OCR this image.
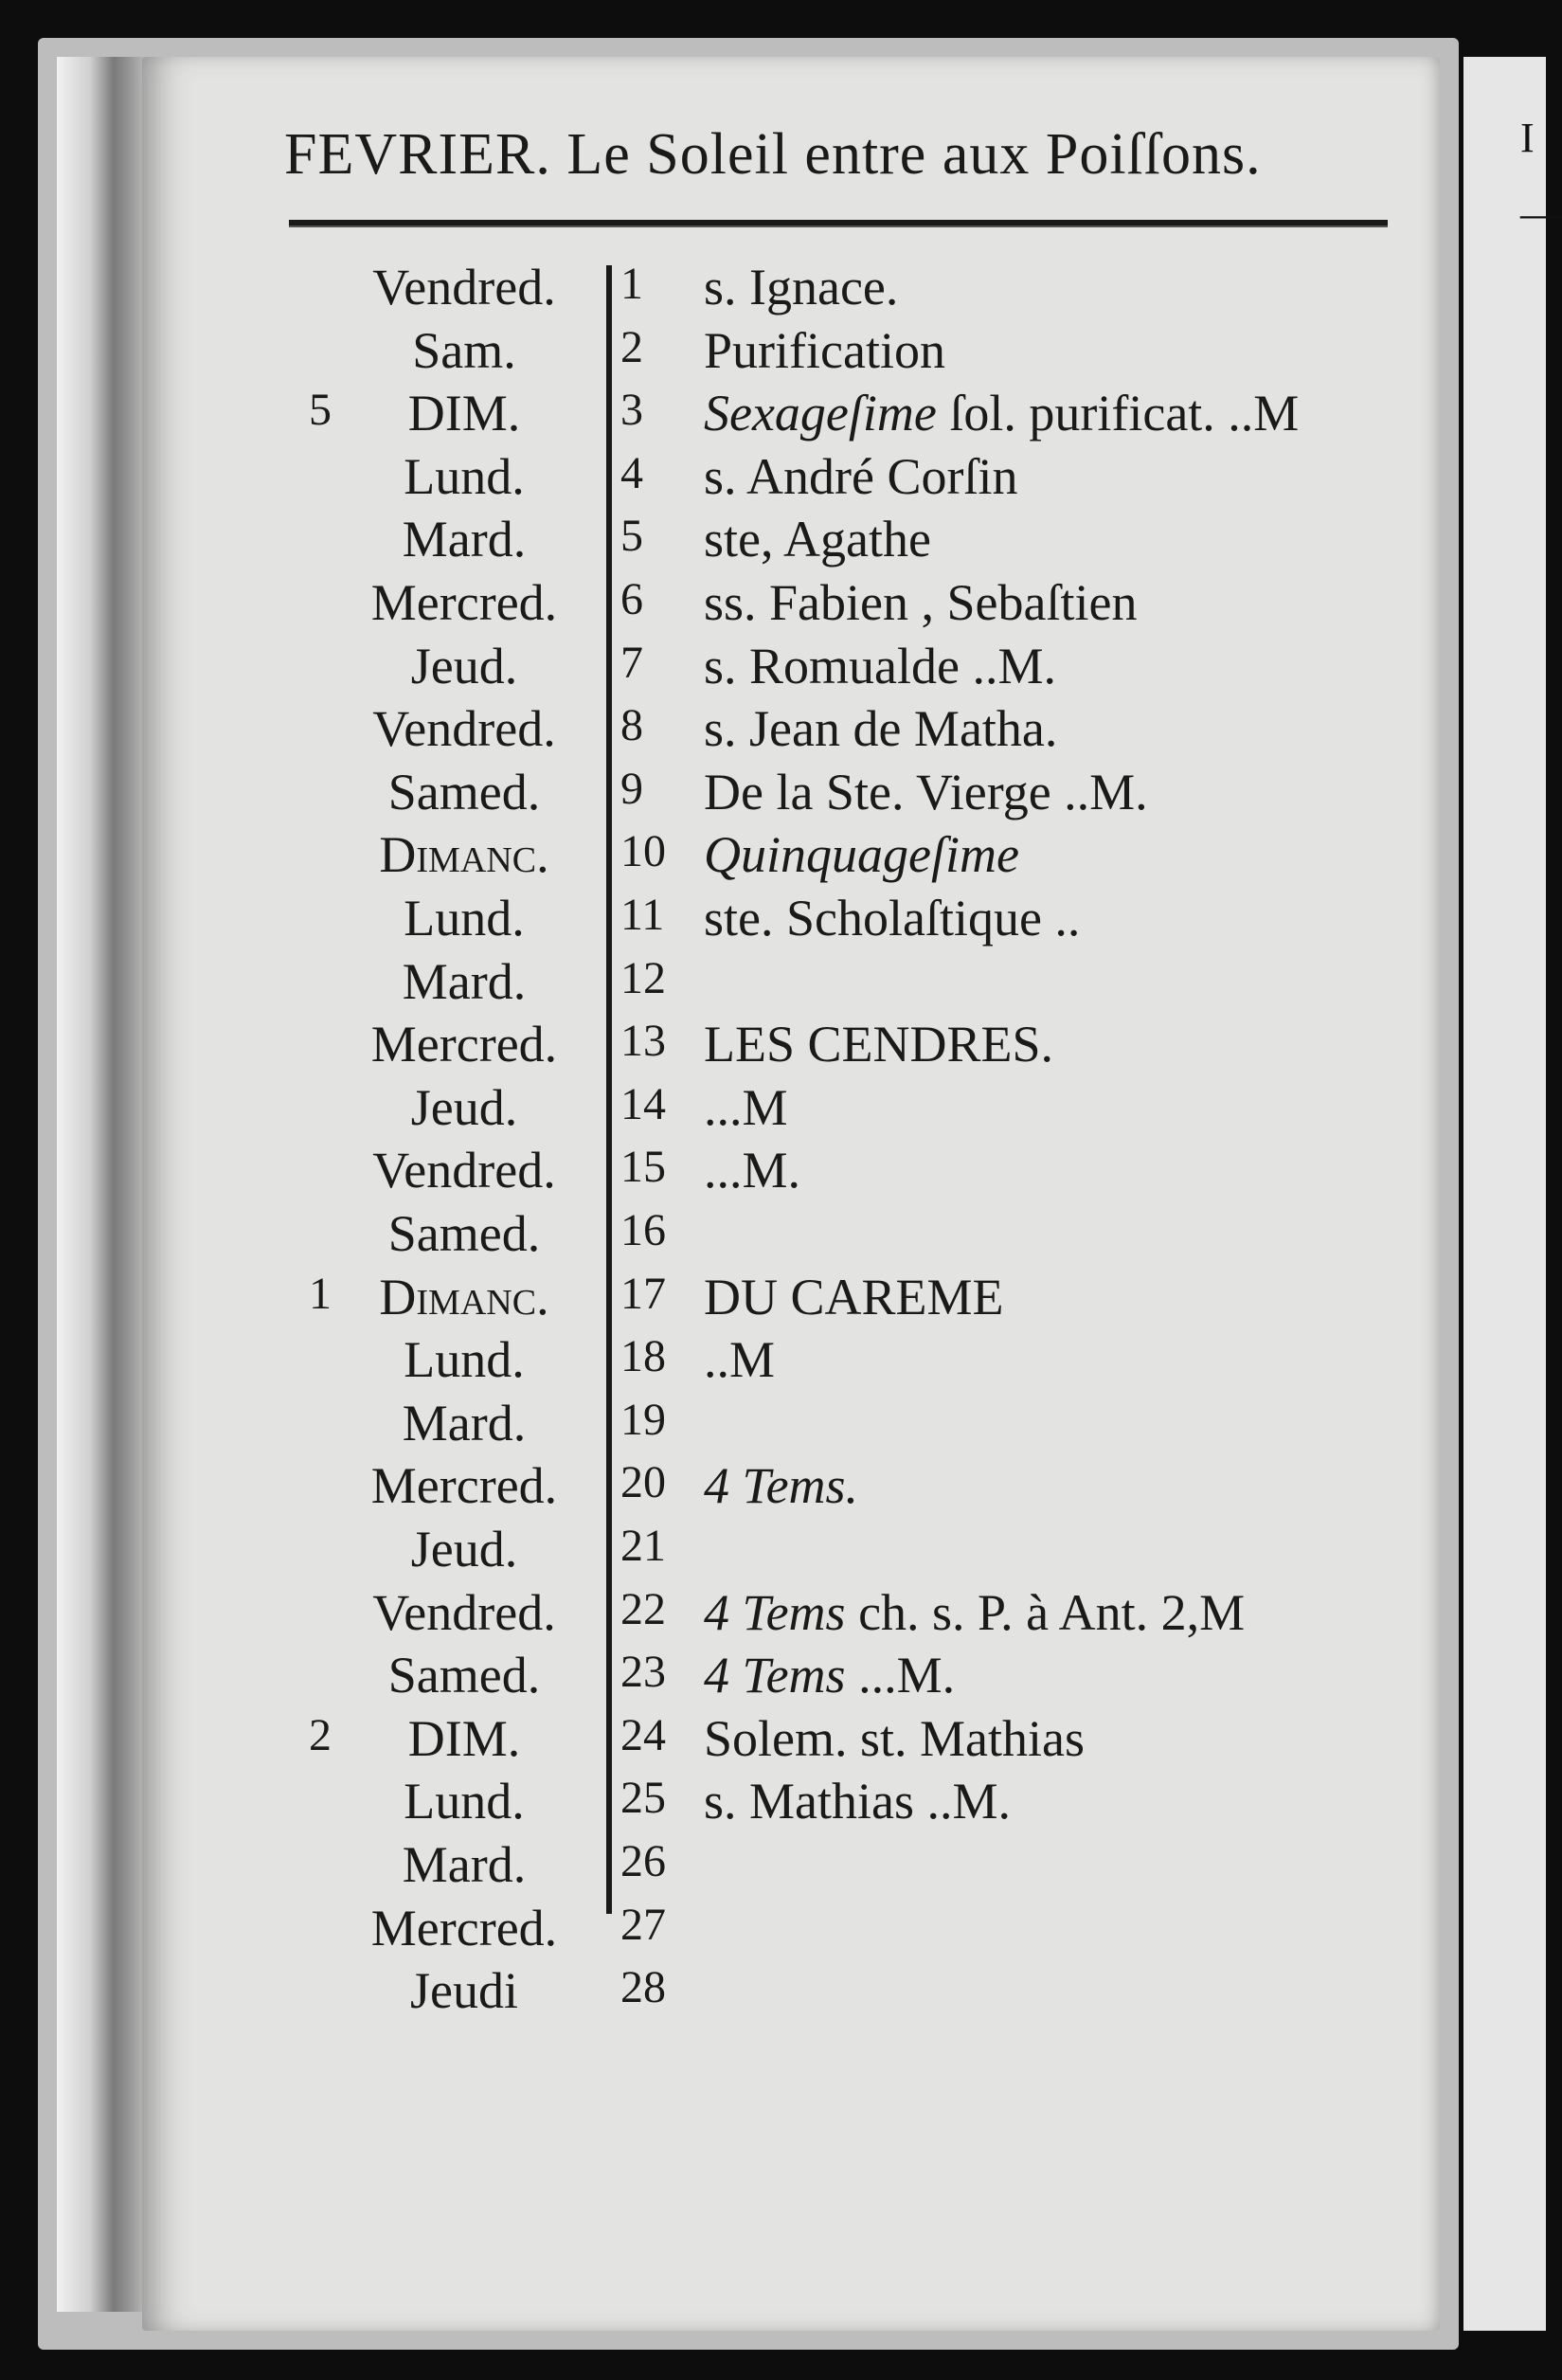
I
—
FEVRIER. Le Soleil entre aux Poiſſons.
Vendred.	1	s. Ignace.
Sam.	2	Purification
5	DIM.	3	Sexageſime ſol. purificat. ..M
Lund.	4	s. André Corſin
Mard.	5	ste, Agathe
Mercred.	6	ss. Fabien , Sebaſtien
Jeud.	7	s. Romualde ..M.
Vendred.	8	s. Jean de Matha.
Samed.	9	De la Ste. Vierge ..M.
Dimanc.	10 Quinquageſime
Lund.	11 ste. Scholaſtique ..
Mard.	12
Mercred.	13 LES CENDRES.
Jeud.	14 ...M
Vendred.	15 ...M.
Samed.	16
1 Dimanc.	17 DU CAREME
Lund.	18 ..M
Mard.	19
Mercred.	20 4 Tems.
Jeud.	21
Vendred.	22 4 Tems ch. s. P. à Ant. 2,M
Samed.	23 4 Tems ...M.
2	DIM.	24 Solem. st. Mathias
Lund.	25 s. Mathias ..M.
Mard.	26
Mercred.	27
Jeudi	28
